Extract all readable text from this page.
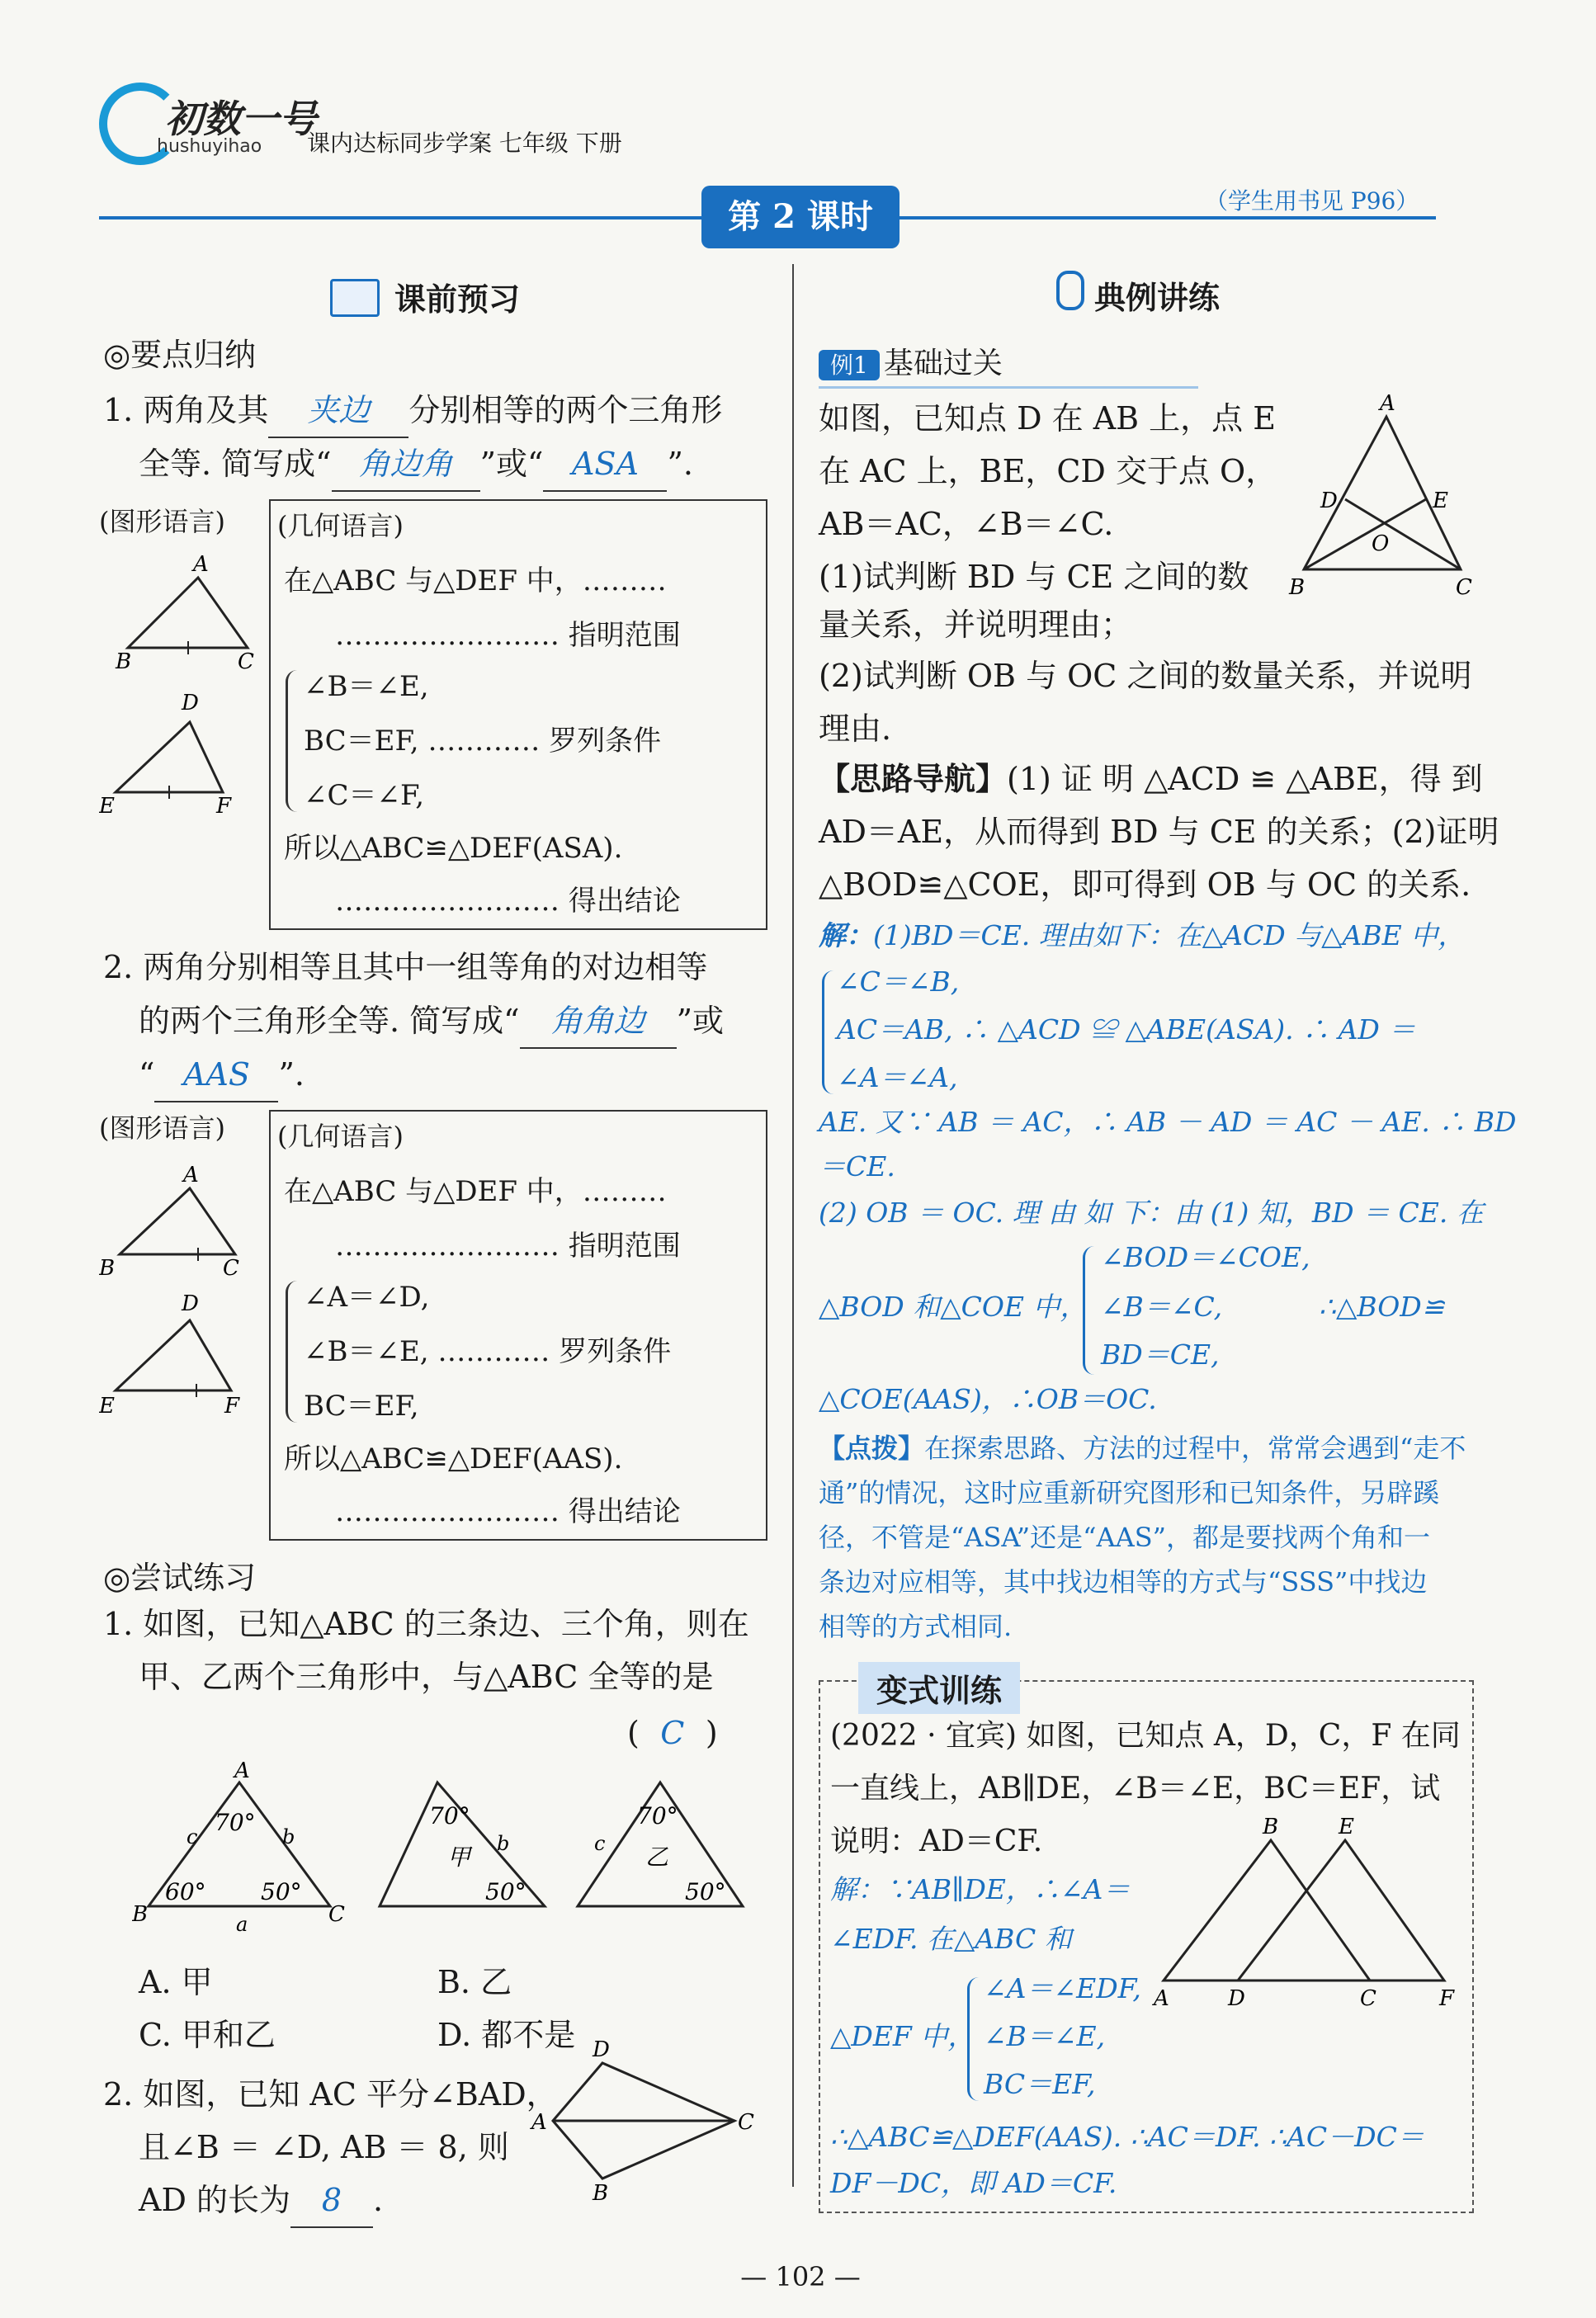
初数一号
hushuyihao 课内达标同步学案 七年级 下册
第 2 课时	（学生用书见 P96）
课前预习
◎要点归纳
1. 两角及其 夹边 分别相等的两个三角形
全等. 简写成“ 角边角 ”或“ ASA ”.
(图形语言) (几何语言)
在△ABC 与△DEF 中，………
…………………… 指明范围
∠B＝∠E,
BC＝EF, ………… 罗列条件
∠C＝∠F,
所以△ABC≌△DEF(ASA).
…………………… 得出结论
A
B	C
D
E	F
2. 两角分别相等且其中一组等角的对边相等
的两个三角形全等. 简写成“ 角角边 ”或
“ AAS ”.
(图形语言) (几何语言)
在△ABC 与△DEF 中，………
…………………… 指明范围
∠A＝∠D,
∠B＝∠E, ………… 罗列条件
BC＝EF,
所以△ABC≌△DEF(AAS).
…………………… 得出结论
A
B	C
D
E	F
◎尝试练习
1. 如图，已知△ABC 的三条边、三个角，则在
甲、乙两个三角形中，与△ABC 全等的是
( C )
A
B	C
c	b
a
70°
60° 50°
70°
b
甲
50°
70°
c 乙
50°
A. 甲	B. 乙
C. 甲和乙	D. 都不是
2. 如图，已知 AC 平分∠BAD，
且∠B ＝ ∠D, AB ＝ 8, 则
AD 的长为 8 .
D
A	C
B
典例讲练
例1 基础过关
如图，已知点 D 在 AB 上，点 E
在 AC 上，BE，CD 交于点 O，
AB＝AC，∠B＝∠C.
(1)试判断 BD 与 CE 之间的数
量关系，并说明理由；
(2)试判断 OB 与 OC 之间的数量关系，并说明
理由.
A
D	E
O
B	C
【思路导航】(1) 证 明 △ACD ≌ △ABE，得 到
AD＝AE，从而得到 BD 与 CE 的关系；(2)证明
△BOD≌△COE，即可得到 OB 与 OC 的关系.
解：(1)BD＝CE. 理由如下：在△ACD 与△ABE 中，
∠C＝∠B,
AC＝AB, ∴ △ACD ≌ △ABE(ASA). ∴ AD ＝
∠A＝∠A,
AE. 又∵ AB ＝ AC，∴ AB － AD ＝ AC － AE. ∴ BD
＝CE.
(2) OB ＝ OC. 理 由 如 下：由 (1) 知，BD ＝ CE. 在
△BOD 和△COE 中，
∠BOD＝∠COE,
∠B＝∠C,
BD＝CE,
∴△BOD≌
△COE(AAS)，∴OB＝OC.
【点拨】在探索思路、方法的过程中，常常会遇到“走不
通”的情况，这时应重新研究图形和已知条件，另辟蹊
径，不管是“ASA”还是“AAS”，都是要找两个角和一
条边对应相等，其中找边相等的方式与“SSS”中找边
相等的方式相同.
变式训练
(2022 · 宜宾) 如图，已知点 A，D，C，F 在同
一直线上，AB∥DE，∠B＝∠E，BC＝EF，试
说明：AD＝CF.	B	E
A	D	C	F
解：∵AB∥DE，∴∠A＝
∠EDF. 在△ABC 和
△DEF 中，
∠A＝∠EDF,
∠B＝∠E,
BC＝EF,
∴△ABC≌△DEF(AAS). ∴AC＝DF. ∴AC－DC＝
DF－DC，即 AD＝CF.
— 102 —
